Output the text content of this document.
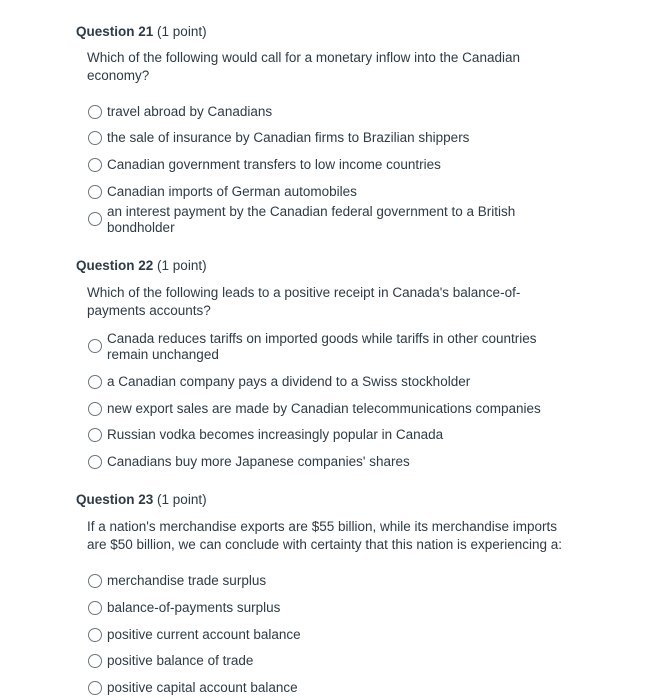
Question 21 (1 point)
Which of the following would call for a monetary inflow into the Canadian economy?
travel abroad by Canadians
the sale of insurance by Canadian firms to Brazilian shippers
Canadian government transfers to low income countries
Canadian imports of German automobiles
an interest payment by the Canadian federal government to a British bondholder
Question 22 (1 point)
Which of the following leads to a positive receipt in Canada's balance-of-payments accounts?
Canada reduces tariffs on imported goods while tariffs in other countries remain unchanged
a Canadian company pays a dividend to a Swiss stockholder
new export sales are made by Canadian telecommunications companies
Russian vodka becomes increasingly popular in Canada
Canadians buy more Japanese companies' shares
Question 23 (1 point)
If a nation's merchandise exports are $55 billion, while its merchandise imports are $50 billion, we can conclude with certainty that this nation is experiencing a:
merchandise trade surplus
balance-of-payments surplus
positive current account balance
positive balance of trade
positive capital account balance
